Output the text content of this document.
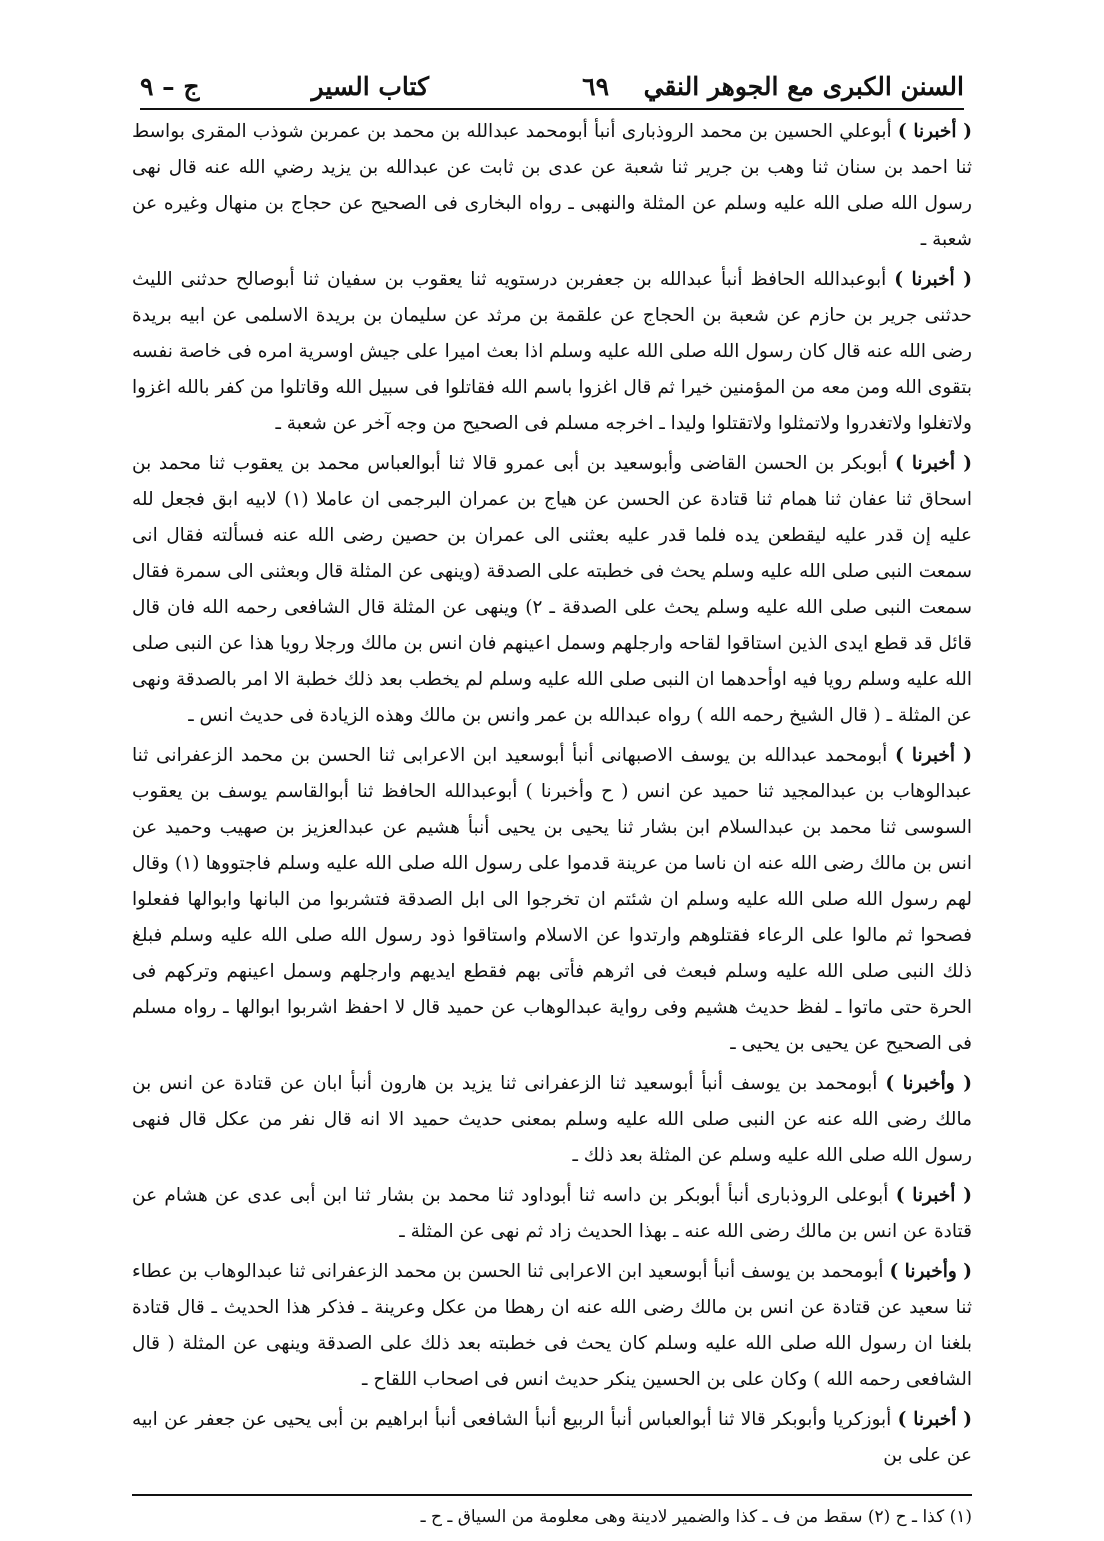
السنن الكبرى مع الجوهر النقي
٦٩
كتاب السير
ج – ٩

( أخبرنا ) أبوعلي الحسين بن محمد الروذباری أنبأ أبومحمد عبدالله بن محمد بن عمربن شوذب المقرى بواسط ثنا احمد بن سنان ثنا وهب بن جرير ثنا شعبة عن عدى بن ثابت عن عبدالله بن يزيد رضي الله عنه قال نهى رسول الله صلى الله عليه وسلم عن المثلة والنهبى ـ رواه البخارى فى الصحيح عن حجاج بن منهال وغيره عن شعبة ـ

( أخبرنا ) أبوعبدالله الحافظ أنبأ عبدالله بن جعفربن درستويه ثنا يعقوب بن سفيان ثنا أبوصالح حدثنى الليث حدثنى جرير بن حازم عن شعبة بن الحجاج عن علقمة بن مرثد عن سليمان بن بريدة الاسلمى عن ابيه بريدة رضى الله عنه قال كان رسول الله صلى الله عليه وسلم اذا بعث اميرا على جيش اوسرية امره فى خاصة نفسه بتقوى الله ومن معه من المؤمنين خيرا ثم قال اغزوا باسم الله فقاتلوا فى سبيل الله وقاتلوا من كفر بالله اغزوا ولاتغلوا ولاتغدروا ولاتمثلوا ولاتقتلوا وليدا ـ اخرجه مسلم فى الصحيح من وجه آخر عن شعبة ـ

( أخبرنا ) أبوبكر بن الحسن القاضى وأبوسعيد بن أبى عمرو قالا ثنا أبوالعباس محمد بن يعقوب ثنا محمد بن اسحاق ثنا عفان ثنا همام ثنا قتادة عن الحسن عن هياج بن عمران البرجمى ان عاملا (١) لابيه ابق فجعل لله عليه إن قدر عليه ليقطعن يده فلما قدر عليه بعثنى الى عمران بن حصين رضى الله عنه فسألته فقال انى سمعت النبى صلى الله عليه وسلم يحث فى خطبته على الصدقة (وينهى عن المثلة قال وبعثنى الى سمرة فقال سمعت النبى صلى الله عليه وسلم يحث على الصدقة ـ ٢) وينهى عن المثلة قال الشافعى رحمه الله فان قال قائل قد قطع ايدى الذين استاقوا لقاحه وارجلهم وسمل اعينهم فان انس بن مالك ورجلا رويا هذا عن النبى صلى الله عليه وسلم رويا فيه اوأحدهما ان النبى صلى الله عليه وسلم لم يخطب بعد ذلك خطبة الا امر بالصدقة ونهى عن المثلة ـ ( قال الشيخ رحمه الله ) رواه عبدالله بن عمر وانس بن مالك وهذه الزيادة فى حديث انس ـ

( أخبرنا ) أبومحمد عبدالله بن يوسف الاصبهانى أنبأ أبوسعيد ابن الاعرابى ثنا الحسن بن محمد الزعفرانى ثنا عبدالوهاب بن عبدالمجيد ثنا حميد عن انس ( ح وأخبرنا ) أبوعبدالله الحافظ ثنا أبوالقاسم يوسف بن يعقوب السوسى ثنا محمد بن عبدالسلام ابن بشار ثنا يحيى بن يحيى أنبأ هشيم عن عبدالعزيز بن صهيب وحميد عن انس بن مالك رضى الله عنه ان ناسا من عرينة قدموا على رسول الله صلى الله عليه وسلم فاجتووها (١) وقال لهم رسول الله صلى الله عليه وسلم ان شئتم ان تخرجوا الى ابل الصدقة فتشربوا من البانها وابوالها ففعلوا فصحوا ثم مالوا على الرعاء فقتلوهم وارتدوا عن الاسلام واستاقوا ذود رسول الله صلى الله عليه وسلم فبلغ ذلك النبى صلى الله عليه وسلم فبعث فى اثرهم فأتى بهم فقطع ايديهم وارجلهم وسمل اعينهم وتركهم فى الحرة حتى ماتوا ـ لفظ حديث هشيم وفى رواية عبدالوهاب عن حميد قال لا احفظ اشربوا ابوالها ـ رواه مسلم فى الصحيح عن يحيى بن يحيى ـ

( وأخبرنا ) أبومحمد بن يوسف أنبأ أبوسعيد ثنا الزعفرانى ثنا يزيد بن هارون أنبأ ابان عن قتادة عن انس بن مالك رضى الله عنه عن النبى صلى الله عليه وسلم بمعنى حديث حميد الا انه قال نفر من عكل قال فنهى رسول الله صلى الله عليه وسلم عن المثلة بعد ذلك ـ

( أخبرنا ) أبوعلى الروذبارى أنبأ أبوبكر بن داسه ثنا أبوداود ثنا محمد بن بشار ثنا ابن أبى عدى عن هشام عن قتادة عن انس بن مالك رضى الله عنه ـ بهذا الحديث زاد ثم نهى عن المثلة ـ

( وأخبرنا ) أبومحمد بن يوسف أنبأ أبوسعيد ابن الاعرابى ثنا الحسن بن محمد الزعفرانى ثنا عبدالوهاب بن عطاء ثنا سعيد عن قتادة عن انس بن مالك رضى الله عنه ان رهطا من عكل وعرينة ـ فذكر هذا الحديث ـ قال قتادة بلغنا ان رسول الله صلى الله عليه وسلم كان يحث فى خطبته بعد ذلك على الصدقة وينهى عن المثلة ( قال الشافعى رحمه الله ) وكان على بن الحسين ينكر حديث انس فى اصحاب اللقاح ـ

( أخبرنا ) أبوزكريا وأبوبكر قالا ثنا أبوالعباس أنبأ الربيع أنبأ الشافعى أنبأ ابراهيم بن أبى يحيى عن جعفر عن ابيه عن على بن

(١) كذا ـ ح (٢) سقط من ف ـ كذا والضمير لادينة وهى معلومة من السياق ـ ح ـ
